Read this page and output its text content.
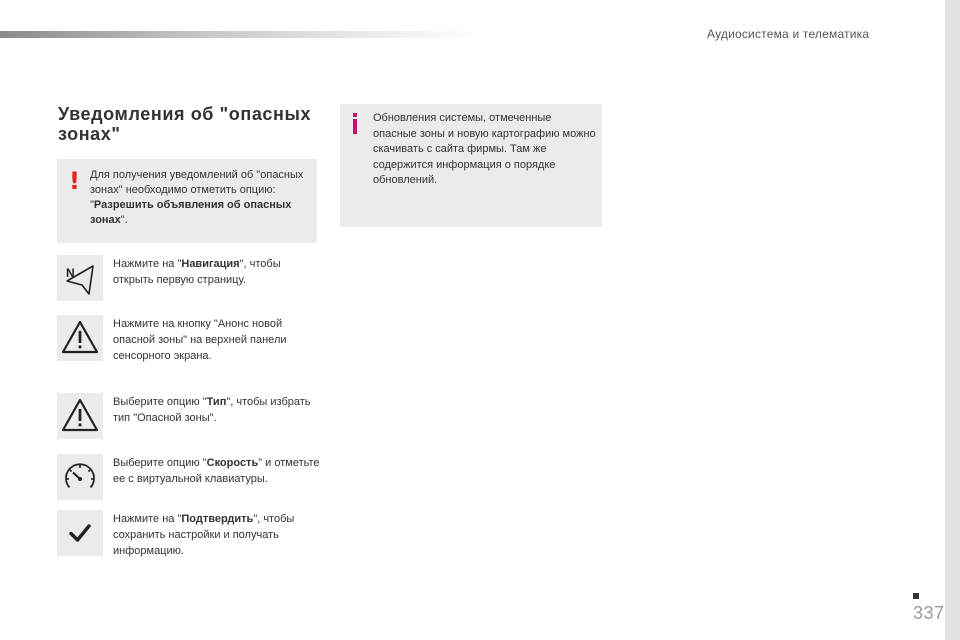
Аудиосистема и телематика
Уведомления об "опасных зонах"
! Для получения уведомлений об "опасных зонах" необходимо отметить опцию: "Разрешить объявления об опасных зонах".
Обновления системы, отмеченные опасные зоны и новую картографию можно скачивать с сайта фирмы. Там же содержится информация о порядке обновлений.
N
Нажмите на "Навигация", чтобы открыть первую страницу.
Нажмите на кнопку "Анонс новой опасной зоны" на верхней панели сенсорного экрана.
Выберите опцию "Тип", чтобы избрать тип "Опасной зоны".
Выберите опцию "Скорость" и отметьте ее с виртуальной клавиатуры.
Нажмите на "Подтвердить", чтобы сохранить настройки и получать информацию.
337
